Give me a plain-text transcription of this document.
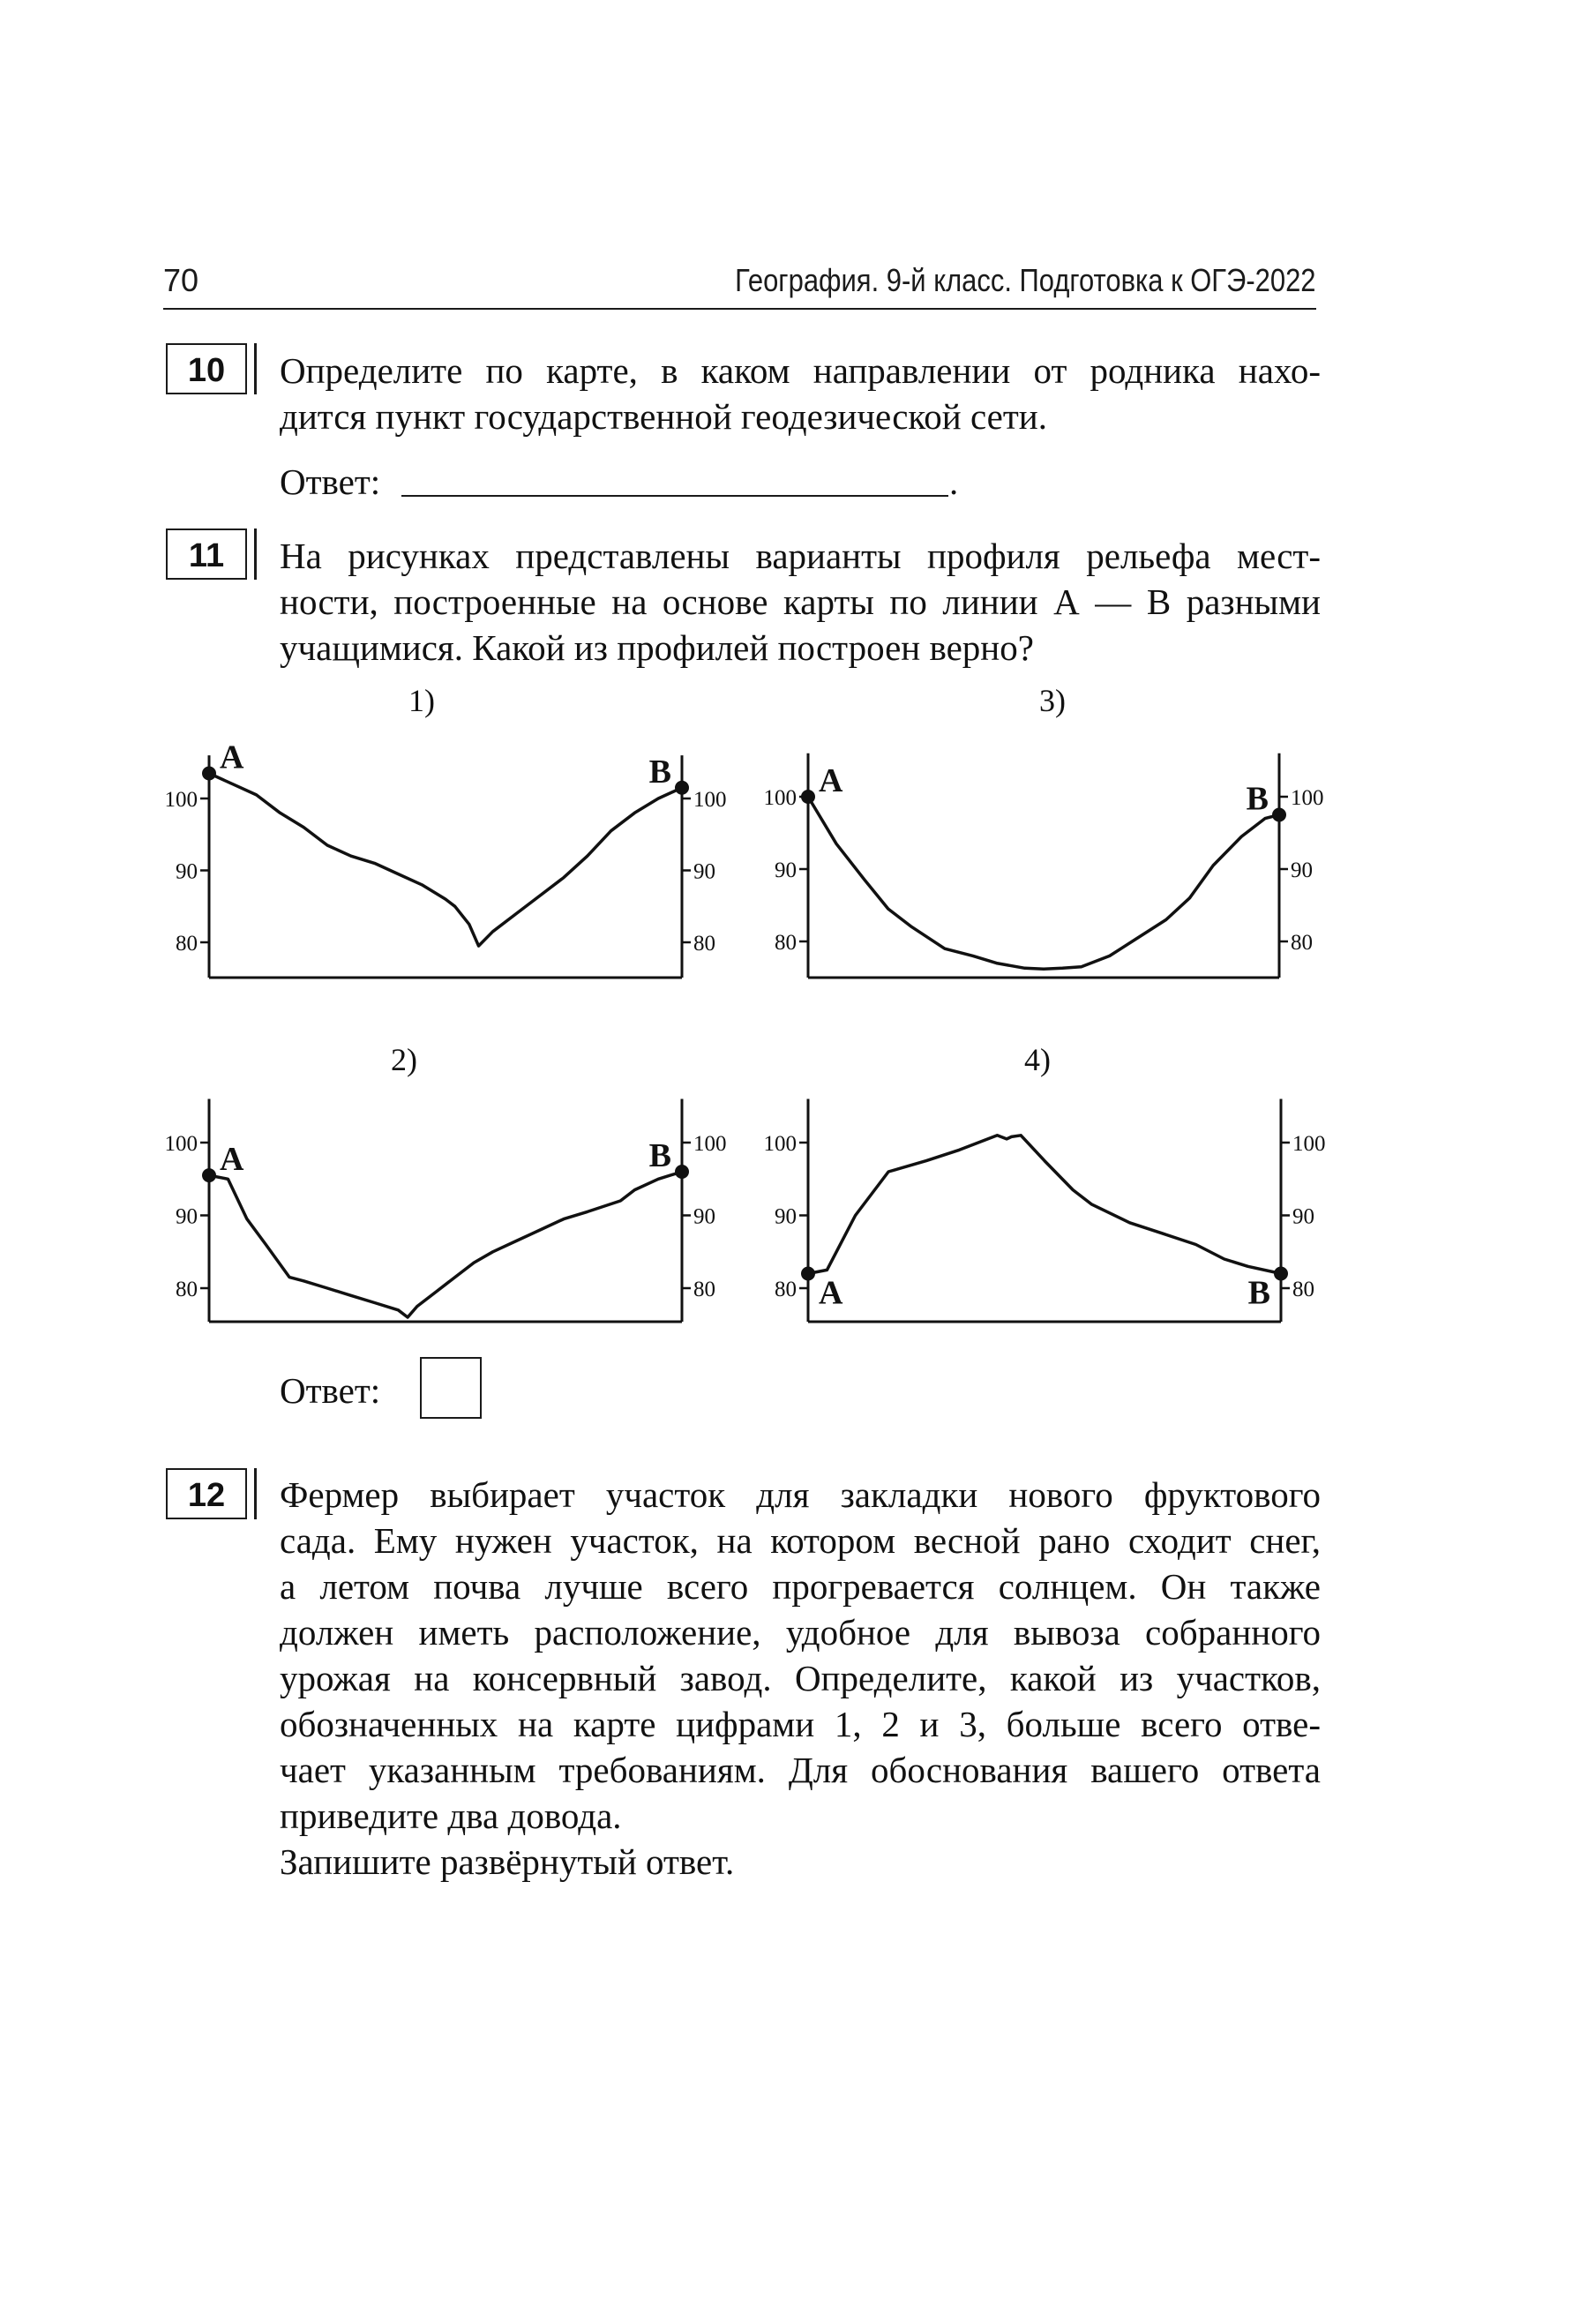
70	География. 9-й класс. Подготовка к ОГЭ-2022
10	Определите по карте, в каком направлении от родника нахо-
дится пункт государственной геодезической сети.
Ответ:	.
11	На рисунках представлены варианты профиля рельефа мест-
ности, построенные на основе карты по линии А — В разными
учащимися. Какой из профилей построен верно?
1)	3)
2)	4)
100	100
90	90
80	80
А	В
100	100
90	90
80	80
А	В
100	100
90	90
80	80
А	В
100	100
90	90
80	80
А	В
Ответ:
12	Фермер выбирает участок для закладки нового фруктового
сада. Ему нужен участок, на котором весной рано сходит снег,
а летом почва лучше всего прогревается солнцем. Он также
должен иметь расположение, удобное для вывоза собранного
урожая на консервный завод. Определите, какой из участков,
обозначенных на карте цифрами 1, 2 и 3, больше всего отве-
чает указанным требованиям. Для обоснования вашего ответа
приведите два довода.
Запишите развёрнутый ответ.
